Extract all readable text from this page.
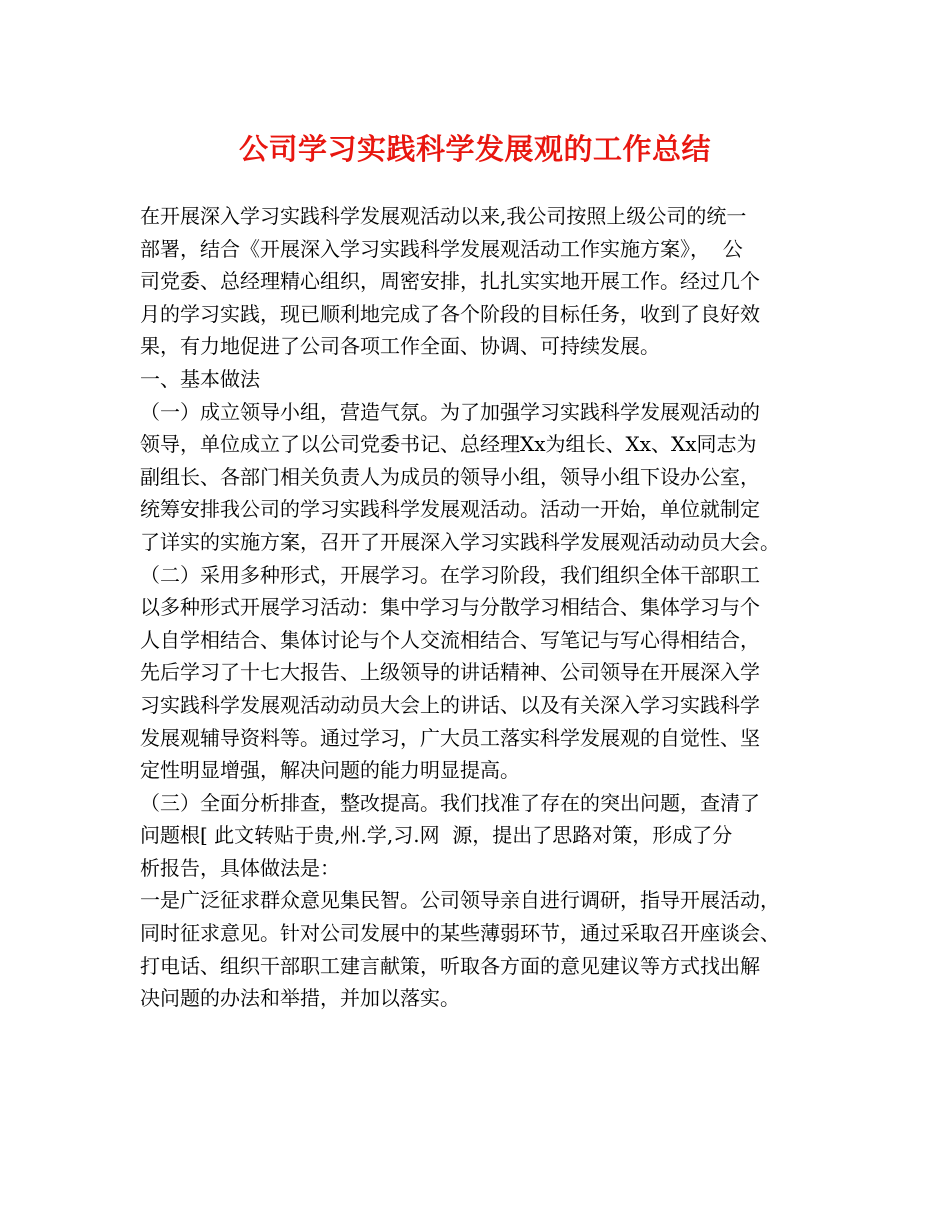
公司学习实践科学发展观的工作总结
在开展深入学习实践科学发展观活动以来,我公司按照上级公司的统一
部署，结合《开展深入学习实践科学发展观活动工作实施方案》，  公
司党委、总经理精心组织，周密安排，扎扎实实地开展工作。经过几个
月的学习实践，现已顺利地完成了各个阶段的目标任务，收到了良好效
果，有力地促进了公司各项工作全面、协调、可持续发展。
一、基本做法
（一）成立领导小组，营造气氛。为了加强学习实践科学发展观活动的
领导，单位成立了以公司党委书记、总经理Xx为组长、Xx、Xx同志为
副组长、各部门相关负责人为成员的领导小组，领导小组下设办公室，
统筹安排我公司的学习实践科学发展观活动。活动一开始，单位就制定
了详实的实施方案，召开了开展深入学习实践科学发展观活动动员大会。
（二）采用多种形式，开展学习。在学习阶段，我们组织全体干部职工
以多种形式开展学习活动：集中学习与分散学习相结合、集体学习与个
人自学相结合、集体讨论与个人交流相结合、写笔记与写心得相结合，
先后学习了十七大报告、上级领导的讲话精神、公司领导在开展深入学
习实践科学发展观活动动员大会上的讲话、以及有关深入学习实践科学
发展观辅导资料等。通过学习，广大员工落实科学发展观的自觉性、坚
定性明显增强，解决问题的能力明显提高。
（三）全面分析排查，整改提高。我们找准了存在的突出问题，查清了
问题根[ 此文转贴于贵,州.学,习.网  源，提出了思路对策，形成了分
析报告，具体做法是：
一是广泛征求群众意见集民智。公司领导亲自进行调研，指导开展活动，
同时征求意见。针对公司发展中的某些薄弱环节，通过采取召开座谈会、
打电话、组织干部职工建言献策，听取各方面的意见建议等方式找出解
决问题的办法和举措，并加以落实。
